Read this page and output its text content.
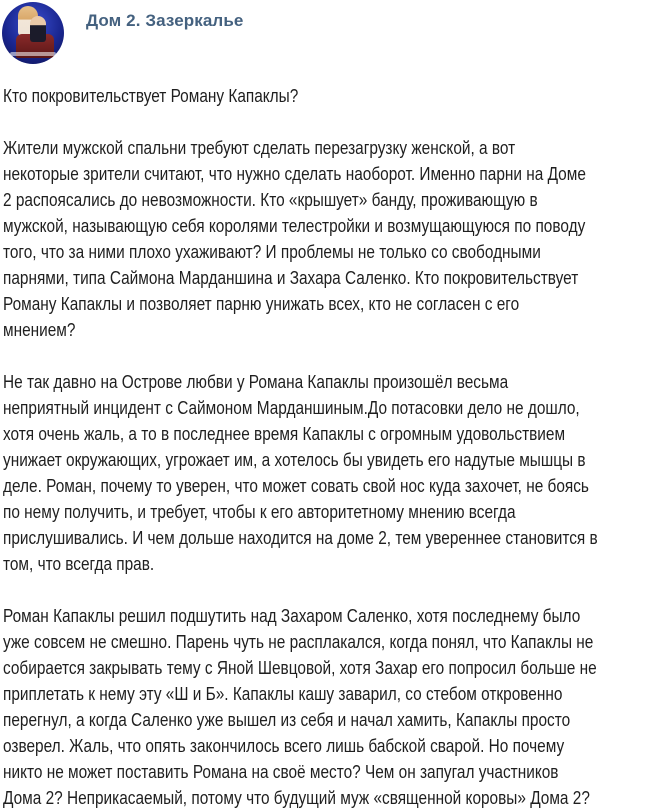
Дом 2. Зазеркалье
Кто покровительствует Роману Капаклы?
Жители мужской спальни требуют сделать перезагрузку женской, а вот
некоторые зрители считают, что нужно сделать наоборот. Именно парни на Доме
2 распоясались до невозможности. Кто «крышует» банду, проживающую в
мужской, называющую себя королями телестройки и возмущающуюся по поводу
того, что за ними плохо ухаживают? И проблемы не только со свободными
парнями, типа Саймона Марданшина и Захара Саленко. Кто покровительствует
Роману Капаклы и позволяет парню унижать всех, кто не согласен с его
мнением?
Не так давно на Острове любви у Романа Капаклы произошёл весьма
неприятный инцидент с Саймоном Марданшиным.До потасовки дело не дошло,
хотя очень жаль, а то в последнее время Капаклы с огромным удовольствием
унижает окружающих, угрожает им, а хотелось бы увидеть его надутые мышцы в
деле. Роман, почему то уверен, что может совать свой нос куда захочет, не боясь
по нему получить, и требует, чтобы к его авторитетному мнению всегда
прислушивались. И чем дольше находится на доме 2, тем увереннее становится в
том, что всегда прав.
Роман Капаклы решил подшутить над Захаром Саленко, хотя последнему было
уже совсем не смешно. Парень чуть не расплакался, когда понял, что Капаклы не
собирается закрывать тему с Яной Шевцовой, хотя Захар его попросил больше не
приплетать к нему эту «Ш и Б». Капаклы кашу заварил, со стебом откровенно
перегнул, а когда Саленко уже вышел из себя и начал хамить, Капаклы просто
озверел. Жаль, что опять закончилось всего лишь бабской сварой. Но почему
никто не может поставить Романа на своё место? Чем он запугал участников
Дома 2? Неприкасаемый, потому что будущий муж «священной коровы» Дома 2?
